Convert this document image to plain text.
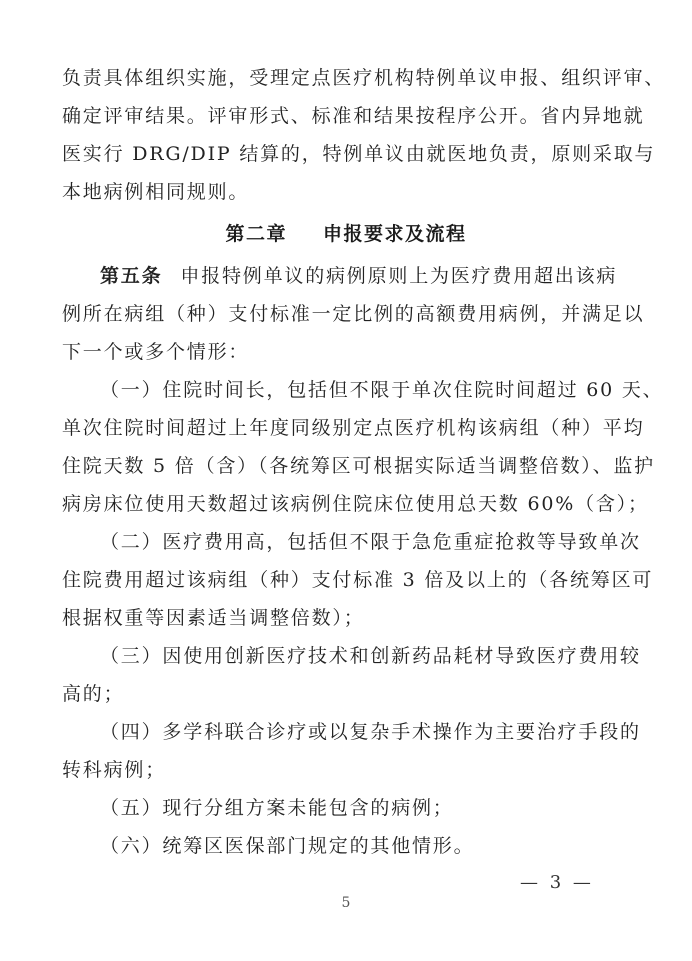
负责具体组织实施，受理定点医疗机构特例单议申报、组织评审、
确定评审结果。评审形式、标准和结果按程序公开。省内异地就
医实行 DRG/DIP 结算的，特例单议由就医地负责，原则采取与
本地病例相同规则。
第二章 申报要求及流程
第五条 申报特例单议的病例原则上为医疗费用超出该病
例所在病组（种）支付标准一定比例的高额费用病例，并满足以
下一个或多个情形：
（一）住院时间长，包括但不限于单次住院时间超过 60 天、
单次住院时间超过上年度同级别定点医疗机构该病组（种）平均
住院天数 5 倍（含）（各统筹区可根据实际适当调整倍数）、监护
病房床位使用天数超过该病例住院床位使用总天数 60%（含）；
（二）医疗费用高，包括但不限于急危重症抢救等导致单次
住院费用超过该病组（种）支付标准 3 倍及以上的（各统筹区可
根据权重等因素适当调整倍数）；
（三）因使用创新医疗技术和创新药品耗材导致医疗费用较
高的；
（四）多学科联合诊疗或以复杂手术操作为主要治疗手段的
转科病例；
（五）现行分组方案未能包含的病例；
（六）统筹区医保部门规定的其他情形。
— 3 —
5
